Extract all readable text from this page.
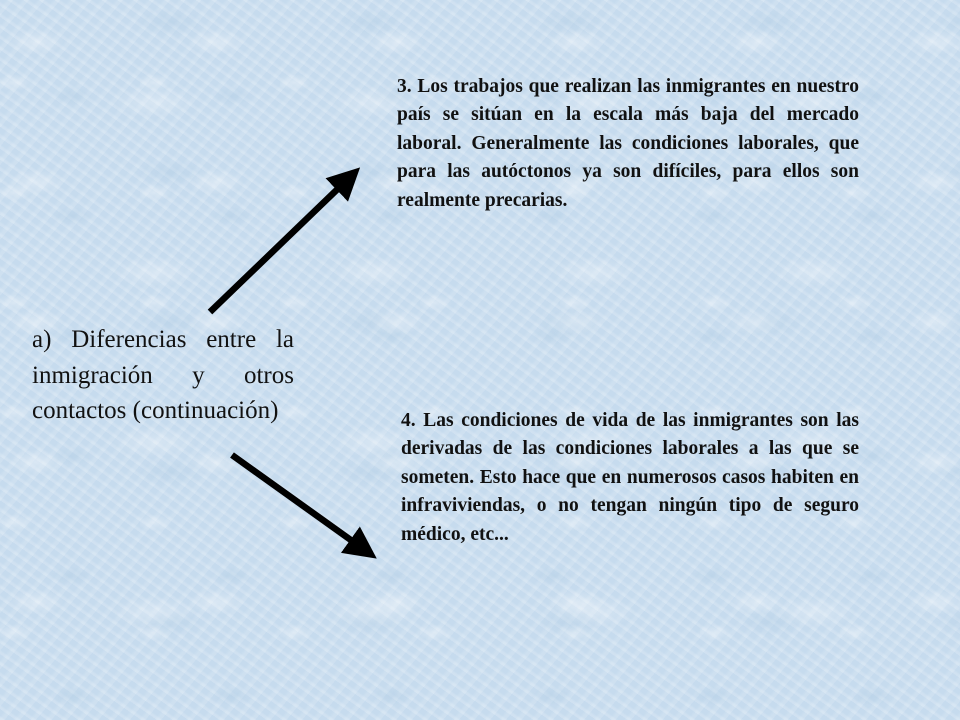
a) Diferencias entre la inmigración y otros contactos (continuación)

3. Los trabajos que realizan las inmigrantes en nuestro país se sitúan en la escala más baja del mercado laboral. Generalmente las condiciones laborales, que para las autóctonos ya son difíciles, para ellos son realmente precarias.

4. Las condiciones de vida de las inmigrantes son las derivadas de las condiciones laborales a las que se someten. Esto hace que en numerosos casos habiten en infraviviendas, o no tengan ningún tipo de seguro médico, etc...
